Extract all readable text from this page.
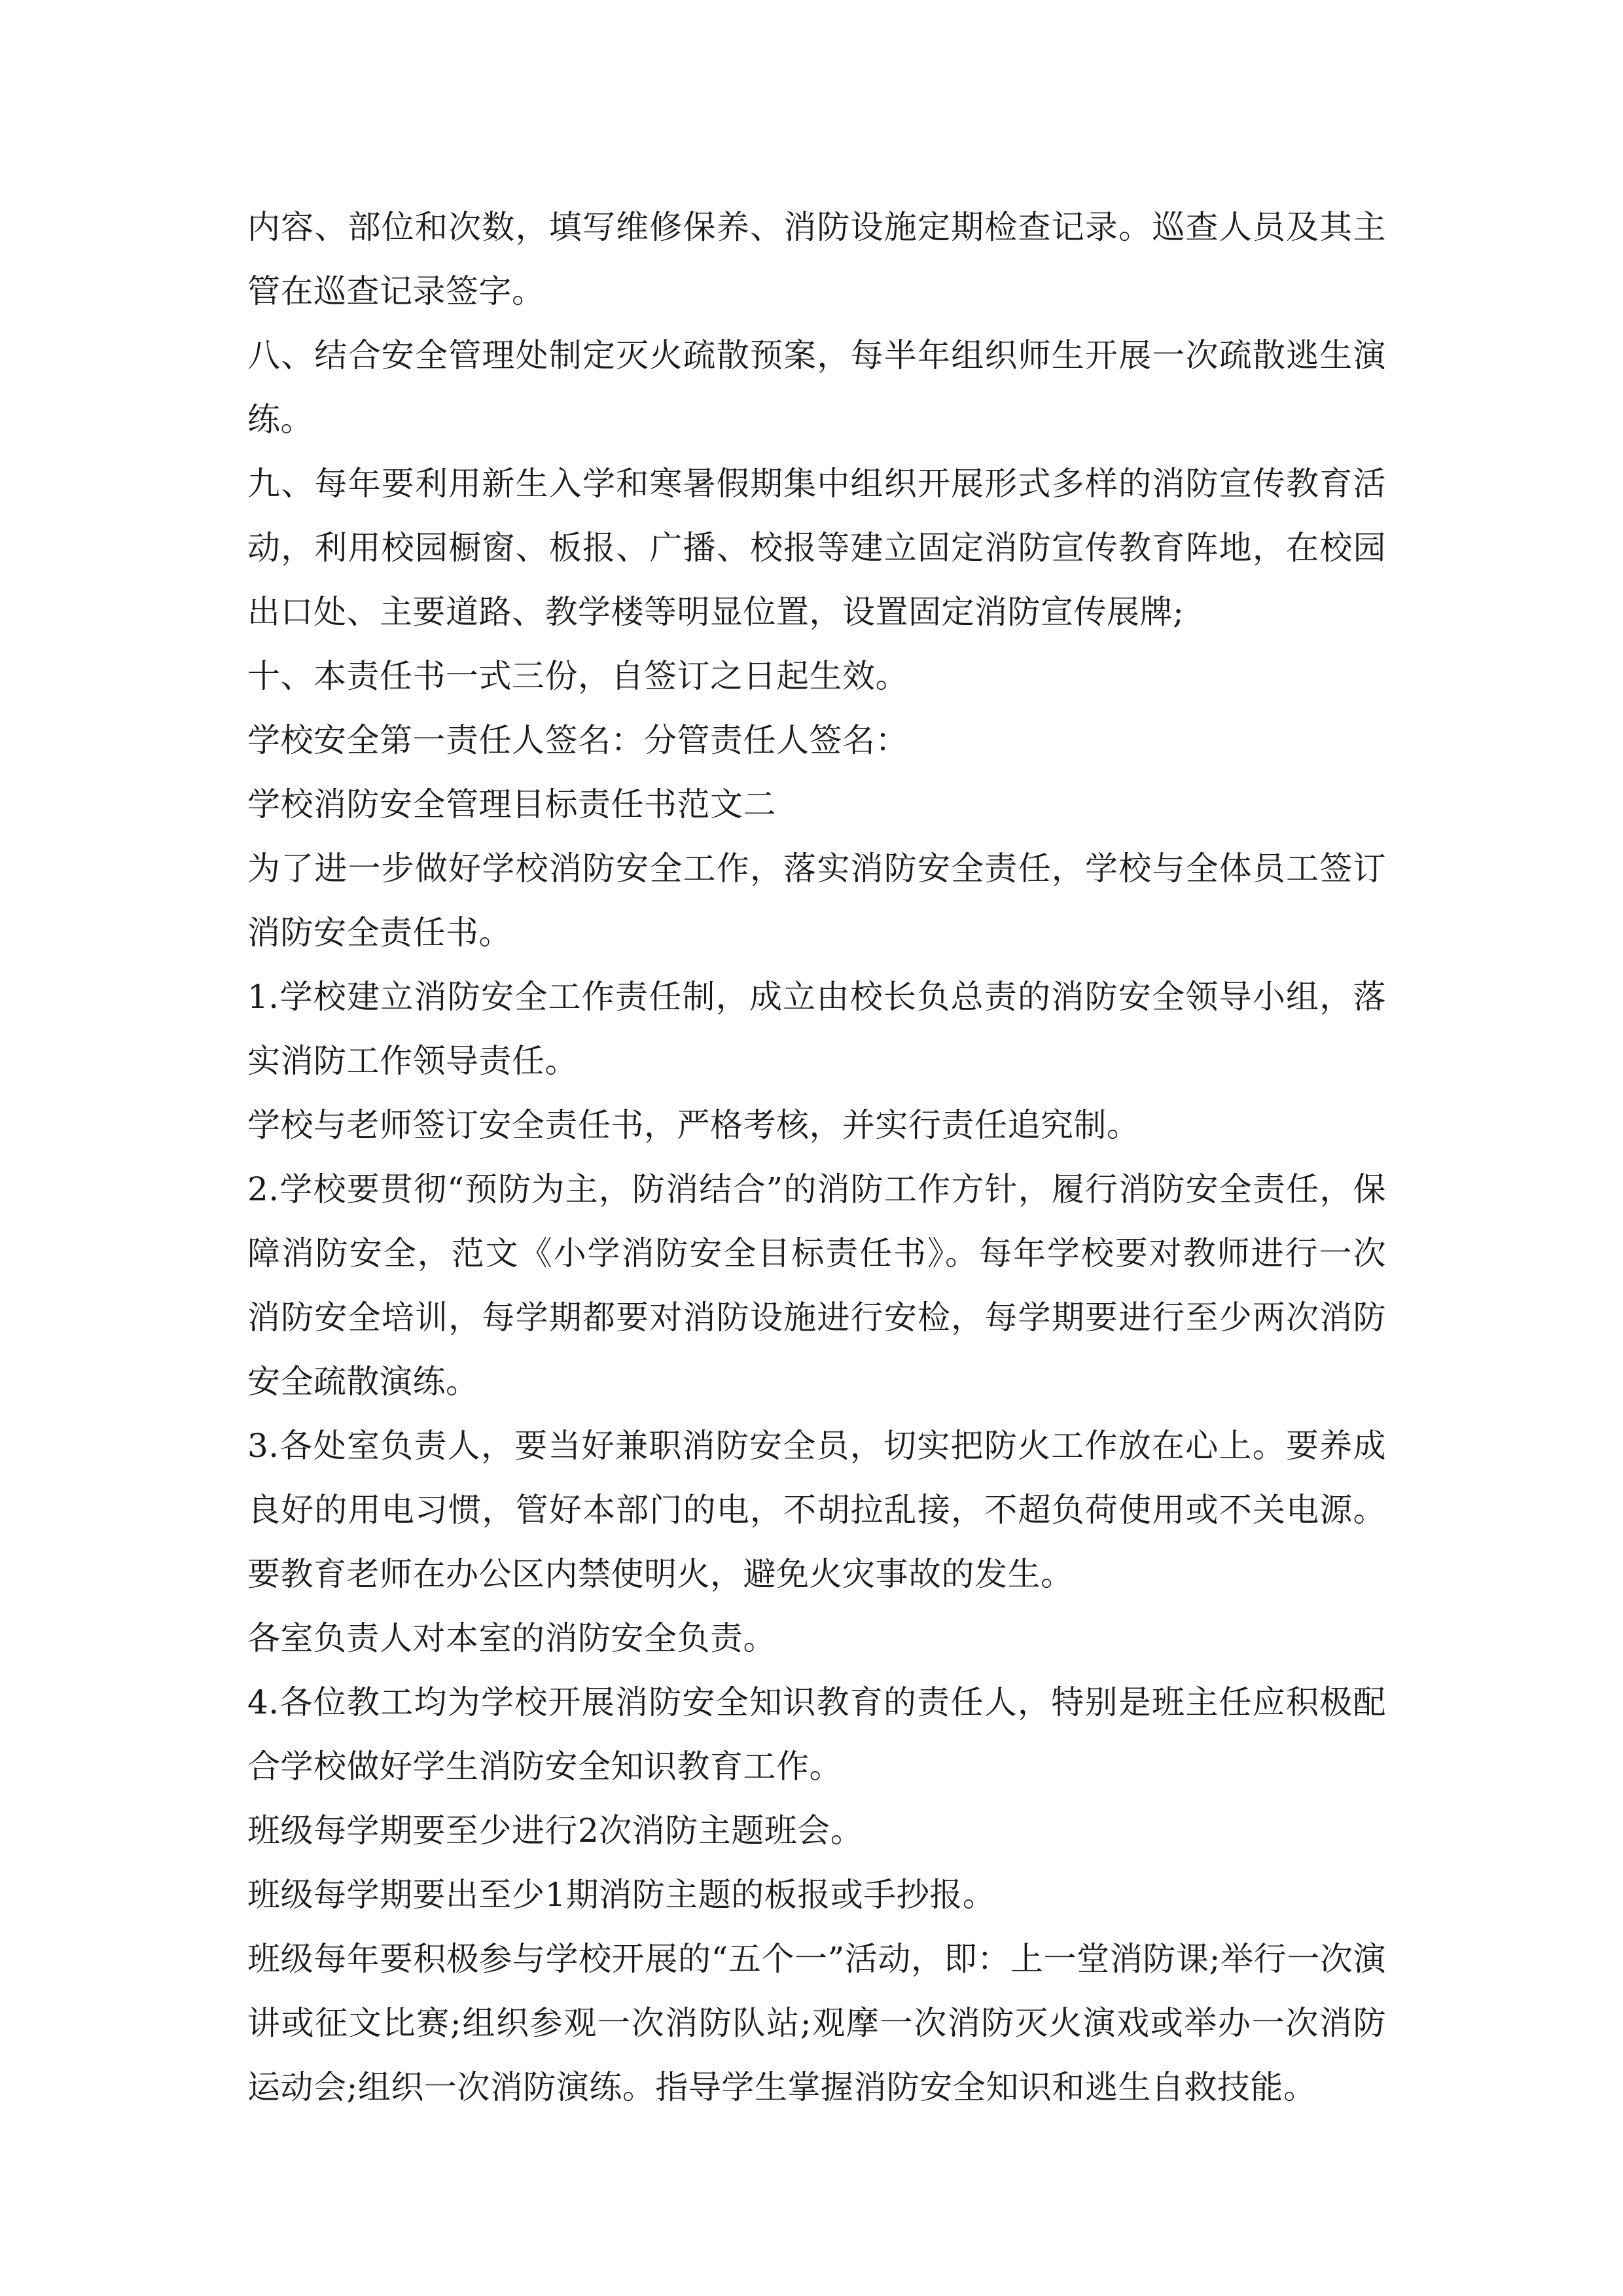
内容、部位和次数，填写维修保养、消防设施定期检查记录。巡查人员及其主管在巡查记录签字。

八、结合安全管理处制定灭火疏散预案，每半年组织师生开展一次疏散逃生演练。

九、每年要利用新生入学和寒暑假期集中组织开展形式多样的消防宣传教育活动，利用校园橱窗、板报、广播、校报等建立固定消防宣传教育阵地，在校园出口处、主要道路、教学楼等明显位置，设置固定消防宣传展牌;

十、本责任书一式三份，自签订之日起生效。

学校安全第一责任人签名：分管责任人签名：

学校消防安全管理目标责任书范文二

为了进一步做好学校消防安全工作，落实消防安全责任，学校与全体员工签订消防安全责任书。

1.学校建立消防安全工作责任制，成立由校长负总责的消防安全领导小组，落实消防工作领导责任。

学校与老师签订安全责任书，严格考核，并实行责任追究制。

2.学校要贯彻“预防为主，防消结合”的消防工作方针，履行消防安全责任，保障消防安全，范文《小学消防安全目标责任书》。每年学校要对教师进行一次消防安全培训，每学期都要对消防设施进行安检，每学期要进行至少两次消防安全疏散演练。

3.各处室负责人，要当好兼职消防安全员，切实把防火工作放在心上。要养成良好的用电习惯，管好本部门的电，不胡拉乱接，不超负荷使用或不关电源。要教育老师在办公区内禁使明火，避免火灾事故的发生。

各室负责人对本室的消防安全负责。

4.各位教工均为学校开展消防安全知识教育的责任人，特别是班主任应积极配合学校做好学生消防安全知识教育工作。

班级每学期要至少进行2次消防主题班会。

班级每学期要出至少1期消防主题的板报或手抄报。

班级每年要积极参与学校开展的“五个一”活动，即：上一堂消防课;举行一次演讲或征文比赛;组织参观一次消防队站;观摩一次消防灭火演戏或举办一次消防运动会;组织一次消防演练。指导学生掌握消防安全知识和逃生自救技能。
